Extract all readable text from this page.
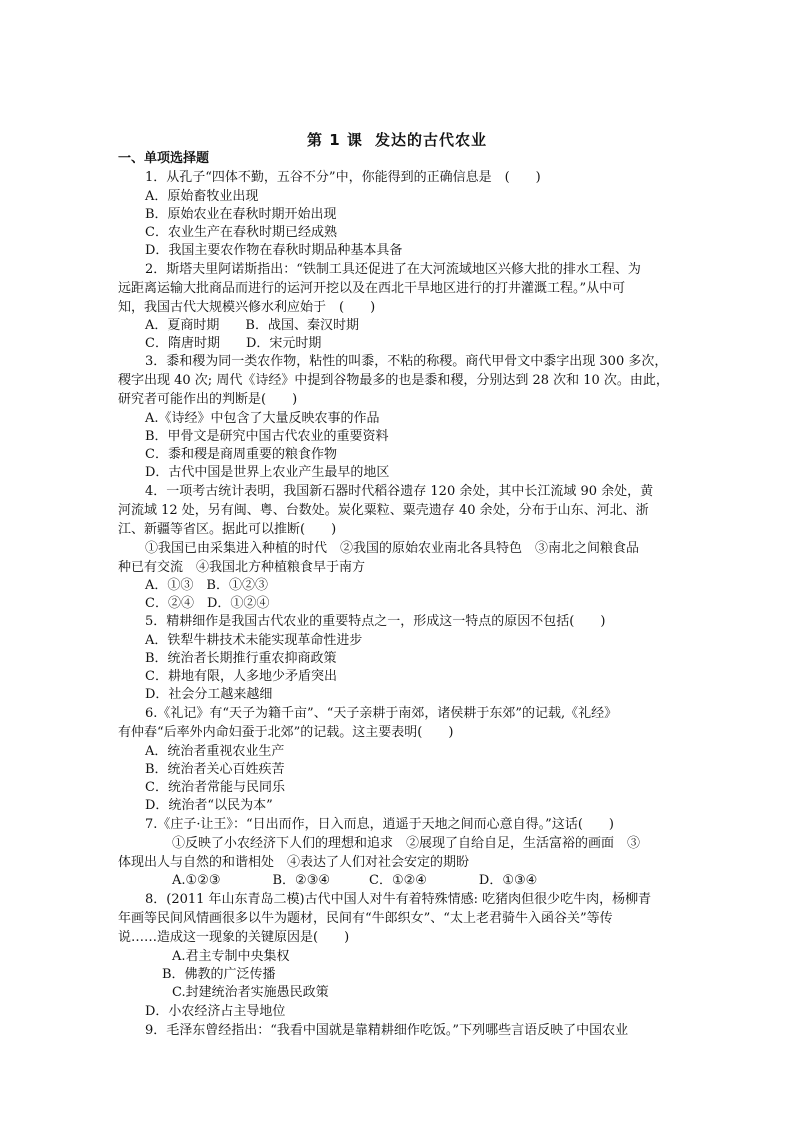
第 1 课 发达的古代农业
一、单项选择题
1．从孔子“四体不勤，五谷不分”中，你能得到的正确信息是　(　　)
A．原始畜牧业出现
B．原始农业在春秋时期开始出现
C．农业生产在春秋时期已经成熟
D．我国主要农作物在春秋时期品种基本具备
2．斯塔夫里阿诺斯指出：“铁制工具还促进了在大河流域地区兴修大批的排水工程、为
远距离运输大批商品而进行的运河开挖以及在西北干旱地区进行的打井灌溉工程。”从中可
知，我国古代大规模兴修水利应始于　(　　)
A．夏商时期　　B．战国、秦汉时期
C．隋唐时期　　D．宋元时期
3．黍和稷为同一类农作物，粘性的叫黍，不粘的称稷。商代甲骨文中黍字出现 300 多次，
稷字出现 40 次; 周代《诗经》中提到谷物最多的也是黍和稷，分别达到 28 次和 10 次。由此，
研究者可能作出的判断是(　　)
A.《诗经》中包含了大量反映农事的作品
B．甲骨文是研究中国古代农业的重要资料
C．黍和稷是商周重要的粮食作物
D．古代中国是世界上农业产生最早的地区
4．一项考古统计表明，我国新石器时代稻谷遗存 120 余处，其中长江流域 90 余处，黄
河流域 12 处，另有闽、粤、台数处。炭化粟粒、粟壳遗存 40 余处，分布于山东、河北、浙
江、新疆等省区。据此可以推断(　　)
①我国已由采集进入种植的时代　②我国的原始农业南北各具特色　③南北之间粮食品
种已有交流　④我国北方种植粮食早于南方
A．①③　B．①②③
C．②④　D．①②④
5．精耕细作是我国古代农业的重要特点之一，形成这一特点的原因不包括(　　)
A．铁犁牛耕技术未能实现革命性进步
B．统治者长期推行重农抑商政策
C．耕地有限，人多地少矛盾突出
D．社会分工越来越细
6.《礼记》有“天子为籍千亩”、“天子亲耕于南郊，诸侯耕于东郊”的记载,《礼经》
有仲春“后率外内命妇蚕于北郊”的记载。这主要表明(　　)
A．统治者重视农业生产
B．统治者关心百姓疾苦
C．统治者常能与民同乐
D．统治者“以民为本”
7.《庄子·让王》：“日出而作，日入而息，逍遥于天地之间而心意自得。”这话(　　)
①反映了小农经济下人们的理想和追求　②展现了自给自足，生活富裕的画面　③
体现出人与自然的和谐相处　④表达了人们对社会安定的期盼
A.①②③　　　　B．②③④　　　C．①②④　　　　D．①③④
8．(2011 年山东青岛二模)古代中国人对牛有着特殊情感: 吃猪肉但很少吃牛肉，杨柳青
年画等民间风情画很多以牛为题材，民间有“牛郎织女”、“太上老君骑牛入函谷关”等传
说……造成这一现象的关键原因是(　　)
A.君主专制中央集权
B．佛教的广泛传播
C.封建统治者实施愚民政策
D．小农经济占主导地位
9．毛泽东曾经指出：“我看中国就是靠精耕细作吃饭。”下列哪些言语反映了中国农业
